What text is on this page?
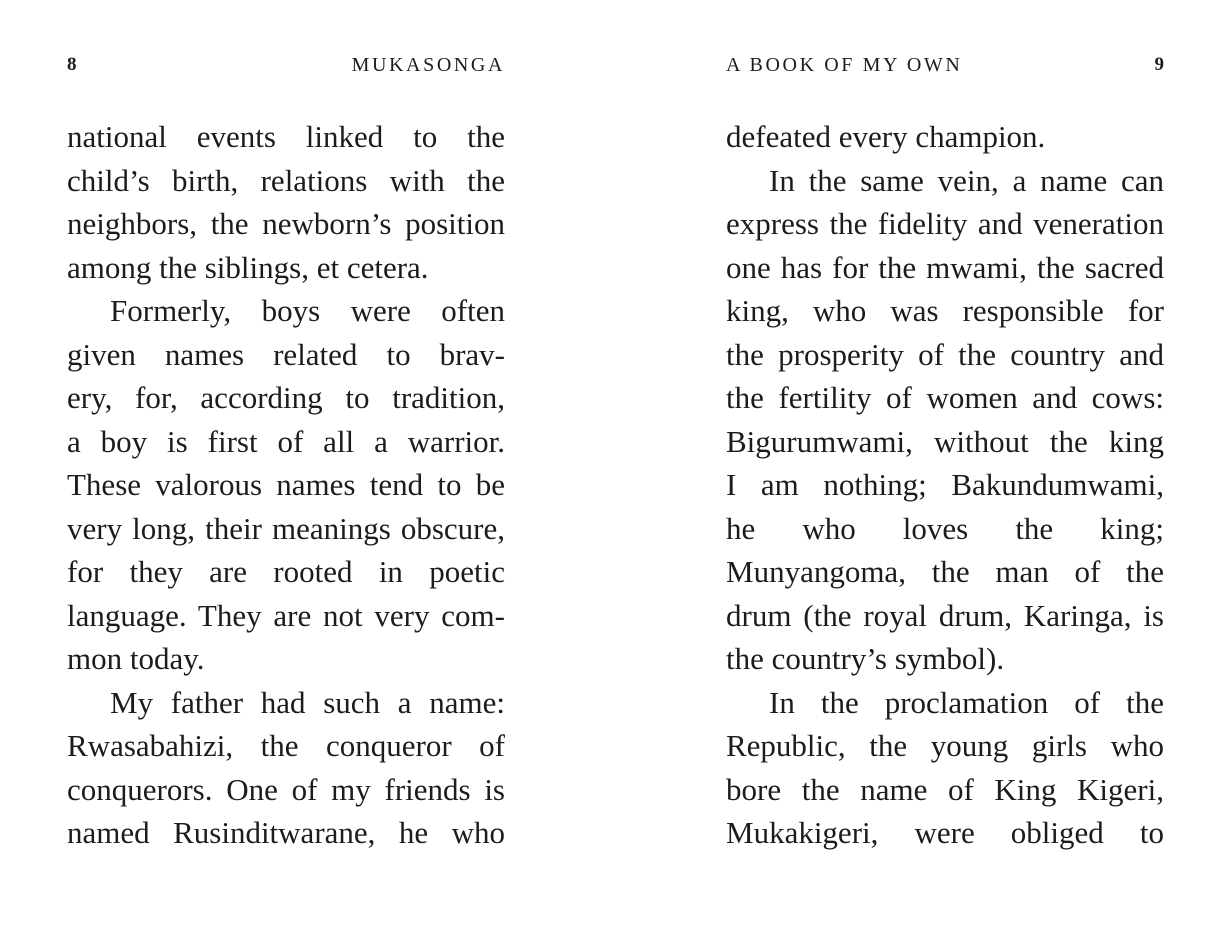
8	MUKASONGA
national events linked to the
child’s birth, relations with the
neighbors, the newborn’s position
among the siblings, et cetera.
Formerly, boys were often
given names related to brav-
ery, for, according to tradition,
a boy is first of all a warrior.
These valorous names tend to be
very long, their meanings obscure,
for they are rooted in poetic
language. They are not very com-
mon today.
My father had such a name:
Rwasabahizi, the conqueror of
conquerors. One of my friends is
named Rusinditwarane, he who
A BOOK OF MY OWN	9
defeated every champion.
In the same vein, a name can
express the fidelity and veneration
one has for the mwami, the sacred
king, who was responsible for
the prosperity of the country and
the fertility of women and cows:
Bigurumwami, without the king
I am nothing; Bakundumwami,
he who loves the king;
Munyangoma, the man of the
drum (the royal drum, Karinga, is
the country’s symbol).
In the proclamation of the
Republic, the young girls who
bore the name of King Kigeri,
Mukakigeri, were obliged to
